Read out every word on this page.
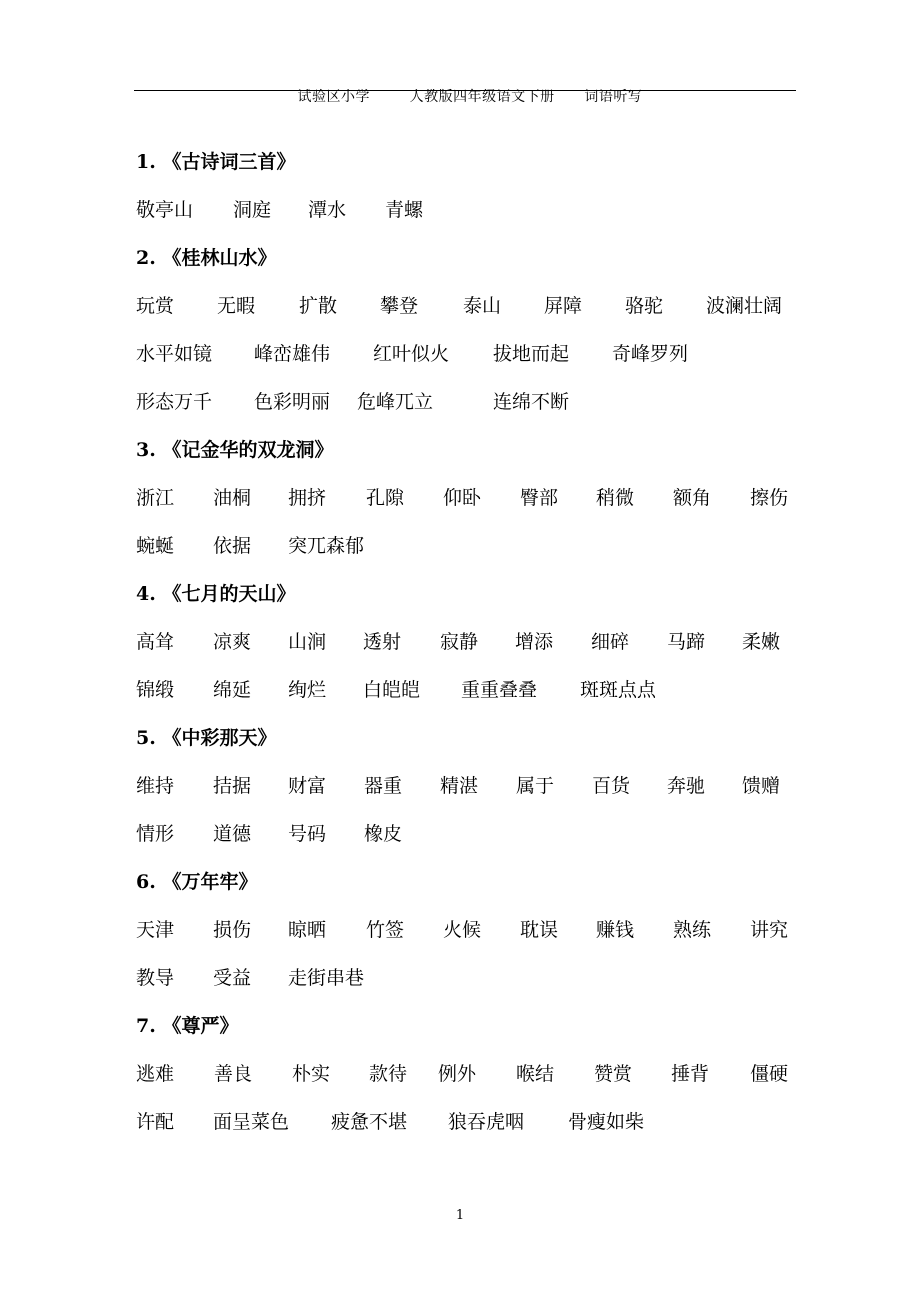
试验区小学        人教版四年级语文下册      词语听写

1. 《古诗词三首》
敬亭山 洞庭 潭水 青螺
2. 《桂林山水》
玩赏 无暇 扩散 攀登 泰山 屏障 骆驼 波澜壮阔
水平如镜 峰峦雄伟 红叶似火 拔地而起 奇峰罗列
形态万千 色彩明丽 危峰兀立	连绵不断
3. 《记金华的双龙洞》
浙江 油桐 拥挤 孔隙 仰卧 臀部 稍微 额角 擦伤
蜿蜒 依据 突兀森郁
4. 《七月的天山》
高耸 凉爽 山涧 透射 寂静 增添 细碎 马蹄 柔嫩
锦缎 绵延 绚烂 白皑皑 重重叠叠 斑斑点点
5. 《中彩那天》
维持 拮据 财富 器重 精湛 属于 百货 奔驰 馈赠
情形 道德 号码 橡皮
6. 《万年牢》
天津 损伤 晾晒 竹签 火候 耽误 赚钱 熟练 讲究
教导 受益 走街串巷
7. 《尊严》
逃难 善良 朴实 款待 例外 喉结 赞赏 捶背 僵硬
许配 面呈菜色 疲惫不堪 狼吞虎咽 骨瘦如柴
1
